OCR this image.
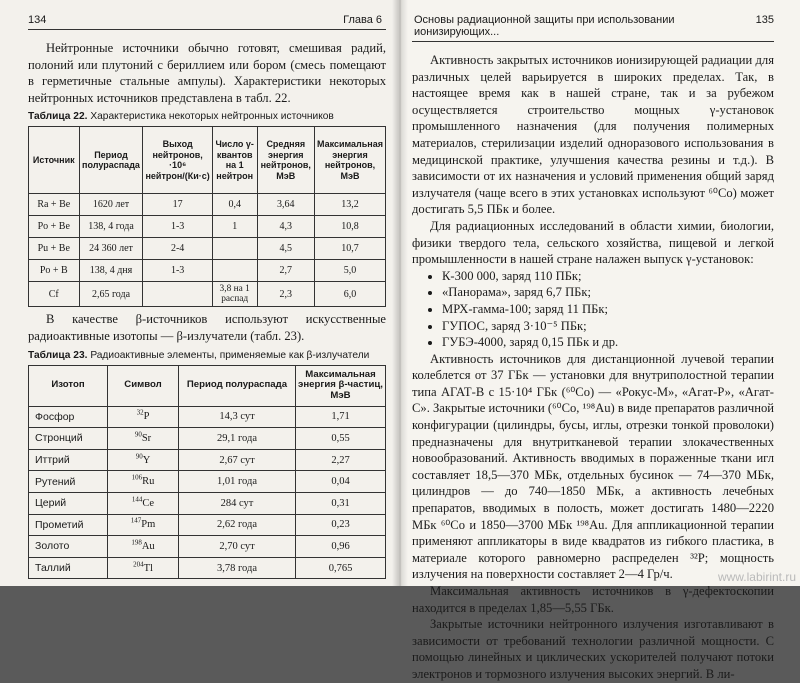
134	Глава 6

Нейтронные источники обычно готовят, смешивая радий, полоний или плутоний с бериллием или бором (смесь помещают в герметичные стальные ампулы). Характеристики некоторых нейтронных источников представлена в табл. 22.

Таблица 22. Характеристика некоторых нейтронных источников
Источник	Период полураспада	Выход нейтронов, ·10⁶ нейтрон/(Ки·с)	Число γ-квантов на 1 нейтрон	Средняя энергия нейтронов, МэВ	Максимальная энергия нейтронов, МэВ
Ra + Be	1620 лет	17	0,4	3,64	13,2
Po + Be	138, 4 года	1-3	1	4,3	10,8
Pu + Be	24 360 лет	2-4		4,5	10,7
Po + B	138, 4 дня	1-3		2,7	5,0
Cf	2,65 года		3,8 на 1 распад	2,3	6,0

В качестве β-источников используют искусственные радиоактивные изотопы — β-излучатели (табл. 23).

Таблица 23. Радиоактивные элементы, применяемые как β-излучатели
Изотоп	Символ	Период полураспада	Максимальная энергия β-частиц, МэВ
Фосфор	$^{32}$P	14,3 сут	1,71
Стронций	$^{90}$Sr	29,1 года	0,55
Иттрий	$^{90}$Y	2,67 сут	2,27
Рутений	$^{106}$Ru	1,01 года	0,04
Церий	$^{144}$Ce	284 сут	0,31
Прометий	$^{147}$Pm	2,62 года	0,23
Золото	$^{198}$Au	2,70 сут	0,96
Таллий	$^{204}$Tl	3,78 года	0,765
Основы радиационной защиты при использовании ионизирующих...
135

Активность закрытых источников ионизирующей радиации для различных целей варьируется в широких пределах. Так, в настоящее время как в нашей стране, так и за рубежом осуществляется строительство мощных γ-установок промышленного назначения (для получения полимерных материалов, стерилизации изделий одноразового использования в медицинской практике, улучшения качества резины и т.д.). В зависимости от их назначения и условий применения общий заряд излучателя (чаще всего в этих установках используют ⁶⁰Со) может достигать 5,5 ПБк и более.

Для радиационных исследований в области химии, биологии, физики твердого тела, сельского хозяйства, пищевой и легкой промышленности в нашей стране налажен выпуск γ-установок:

• К-300 000, заряд 110 ПБк;
• «Панорама», заряд 6,7 ПБк;
• МРХ-гамма-100; заряд 11 ПБк;
• ГУПОС, заряд 3·10⁻⁵ ПБк;
• ГУБЭ-4000, заряд 0,15 ПБк и др.

Активность источников для дистанционной лучевой терапии колеблется от 37 ГБк — установки для внутриполостной терапии типа АГАТ-В с 15·10⁴ ГБк (⁶⁰Со) — «Рокус-М», «Агат-Р», «Агат-С». Закрытые источники (⁶⁰Со, ¹⁹⁸Au) в виде препаратов различной конфигурации (цилиндры, бусы, иглы, отрезки тонкой проволоки) предназначены для внутритканевой терапии злокачественных новообразований. Активность вводимых в пораженные ткани игл составляет 18,5—370 МБк, отдельных бусинок — 74—370 МБк, цилиндров — до 740—1850 МБк, а активность лечебных препаратов, вводимых в полость, может достигать 1480—2220 МБк ⁶⁰Со и 1850—3700 МБк ¹⁹⁸Au. Для аппликационной терапии применяют аппликаторы в виде квадратов из гибкого пластика, в материале которого равномерно распределен ³²P; мощность излучения на поверхности составляет 2—4 Гр/ч.

Максимальная активность источников в γ-дефектоскопии находится в пределах 1,85—5,55 ГБк.

Закрытые источники нейтронного излучения изготавливают в зависимости от требований технологии различной мощности. С помощью линейных и циклических ускорителей получают потоки электронов и тормозного излучения высоких энергий. В ли-

www.labirint.ru
